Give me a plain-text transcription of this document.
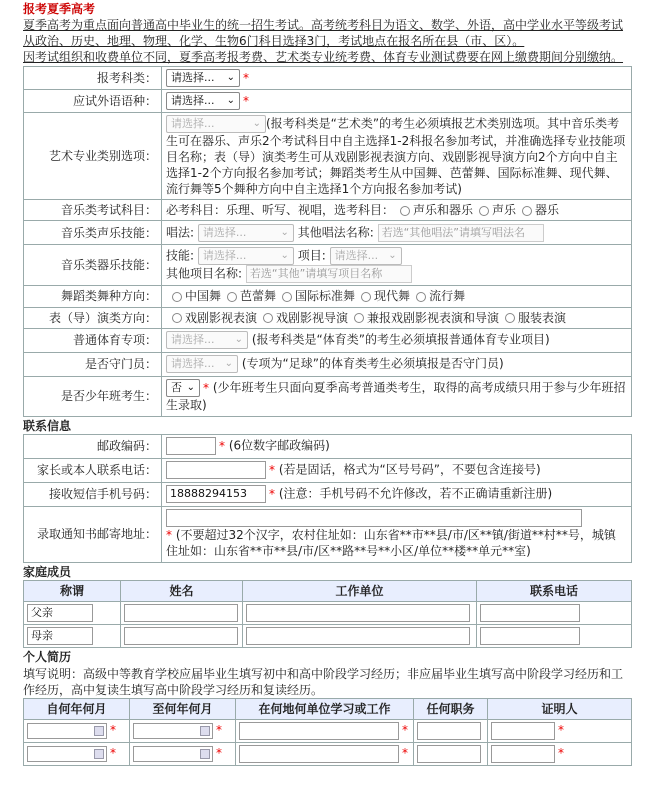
报考夏季高考

夏季高考为重点面向普通高中毕业生的统一招生考试。高考统考科目为语文、数学、外语，高中学业水平等级考试从政治、历史、地理、物理、化学、生物6门科目选择3门，考试地点在报名所在县（市、区）。

因考试组织和收费单位不同，夏季高考报考费、艺术类专业统考费、体育专业测试费要在网上缴费期间分别缴纳。

报考科类：	请选择... ⌄ *
应试外语语种：	请选择... ⌄ *
艺术专业类别选项：	请选择... ⌄ (报考科类是“艺术类”的考生必须填报艺术类别选项。其中音乐类考生可在器乐、声乐2个考试科目中自主选择1-2科报名参加考试，并准确选择专业技能项目名称；表（导）演类考生可从戏剧影视表演方向、戏剧影视导演方向2个方向中自主选择1-2个方向报名参加考试；舞蹈类考生从中国舞、芭蕾舞、国际标准舞、现代舞、流行舞等5个舞种方向中自主选择1个方向报名参加考试)
音乐类考试科目：	必考科目：乐理、听写、视唱，选考科目： 声乐和器乐 声乐 器乐
音乐类声乐技能：	唱法: 请选择... ⌄ 其他唱法名称: 若选“其他唱法”请填写唱法名
音乐类器乐技能：	技能: 请选择... ⌄ 项目: 请选择... ⌄

其他项目名称: 若选“其他”请填写项目名称
舞蹈类舞种方向：	中国舞 芭蕾舞 国际标准舞 现代舞 流行舞
表（导）演类方向：	戏剧影视表演 戏剧影视导演 兼报戏剧影视表演和导演 服装表演
普通体育专项：	请选择... ⌄ (报考科类是“体育类”的考生必须填报普通体育专业项目)
是否守门员：	请选择... ⌄ (专项为“足球”的体育类考生必须填报是否守门员)
是否少年班考生：	否 ⌄ * (少年班考生只面向夏季高考普通类考生，取得的高考成绩只用于参与少年班招生录取)
联系信息
邮政编码：	* (6位数字邮政编码)
家长或本人联系电话：	* (若是固话，格式为“区号号码”，不要包含连接号)
接收短信手机号码：	18888294153 * (注意：手机号码不允许修改，若不正确请重新注册)
录取通知书邮寄地址：	* (不要超过32个汉字，农村住址如：山东省**市**县/市/区**镇/街道**村**号，城镇住址如：山东省**市**县/市/区**路**号**小区/单位**楼**单元**室)
家庭成员
称谓	姓名	工作单位	联系电话
父亲			
母亲			
个人简历
填写说明：高级中等教育学校应届毕业生填写初中和高中阶段学习经历；非应届毕业生填写高中阶段学习经历和工作经历，高中复读生填写高中阶段学习经历和复读经历。
自何年何月	至何年何月	在何地何单位学习或工作	任何职务	证明人

*	*	*		*

*	*	*		*
